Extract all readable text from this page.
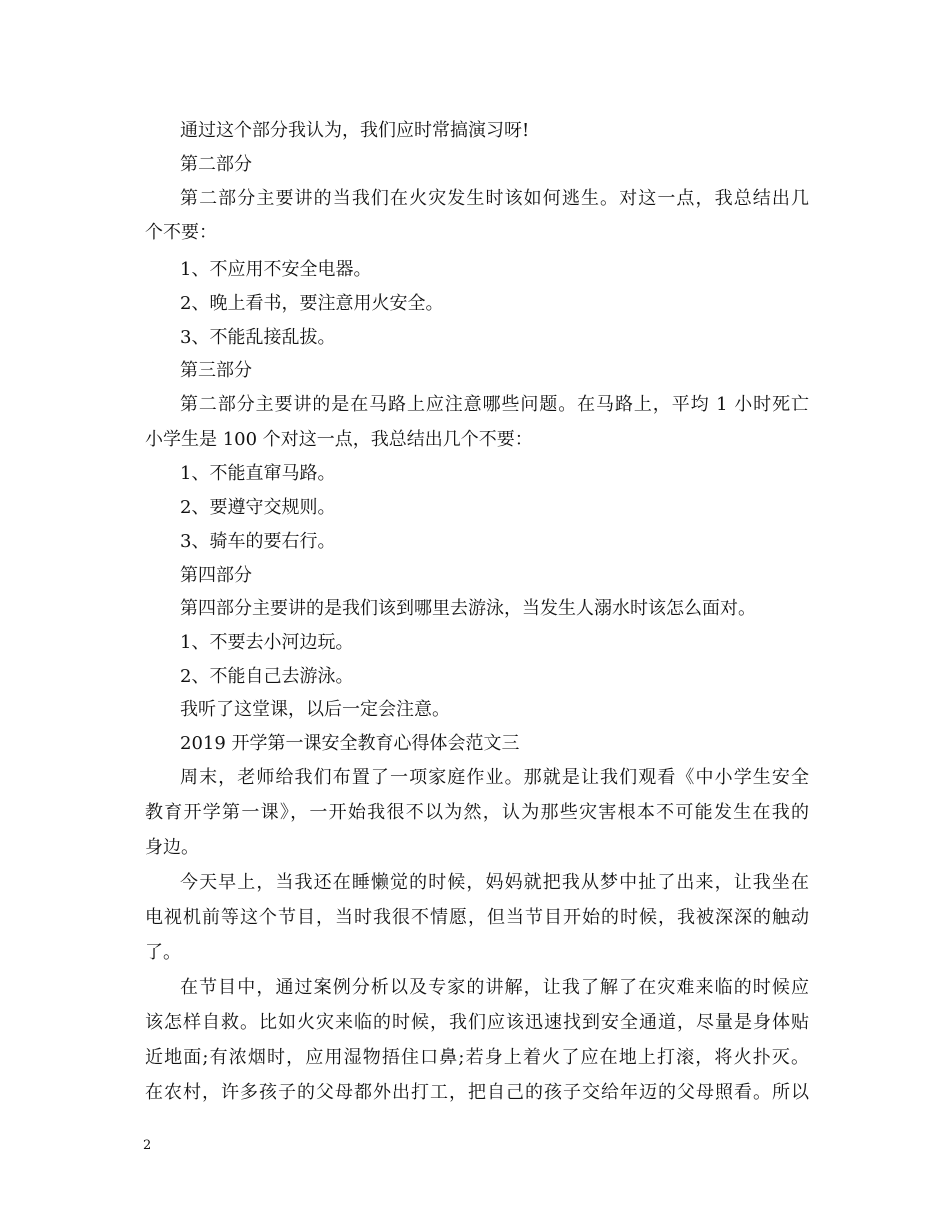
通过这个部分我认为，我们应时常搞演习呀!
第二部分
第二部分主要讲的当我们在火灾发生时该如何逃生。对这一点，我总结出几
个不要：
1、不应用不安全电器。
2、晚上看书，要注意用火安全。
3、不能乱接乱拔。
第三部分
第二部分主要讲的是在马路上应注意哪些问题。在马路上，平均 1 小时死亡
小学生是 100 个对这一点，我总结出几个不要：
1、不能直窜马路。
2、要遵守交规则。
3、骑车的要右行。
第四部分
第四部分主要讲的是我们该到哪里去游泳，当发生人溺水时该怎么面对。
1、不要去小河边玩。
2、不能自己去游泳。
我听了这堂课，以后一定会注意。
2019 开学第一课安全教育心得体会范文三
周末，老师给我们布置了一项家庭作业。那就是让我们观看《中小学生安全
教育开学第一课》，一开始我很不以为然，认为那些灾害根本不可能发生在我的
身边。
今天早上，当我还在睡懒觉的时候，妈妈就把我从梦中扯了出来，让我坐在
电视机前等这个节目，当时我很不情愿，但当节目开始的时候，我被深深的触动
了。
在节目中，通过案例分析以及专家的讲解，让我了解了在灾难来临的时候应
该怎样自救。比如火灾来临的时候，我们应该迅速找到安全通道，尽量是身体贴
近地面;有浓烟时，应用湿物捂住口鼻;若身上着火了应在地上打滚，将火扑灭。
在农村，许多孩子的父母都外出打工，把自己的孩子交给年迈的父母照看。所以
2
